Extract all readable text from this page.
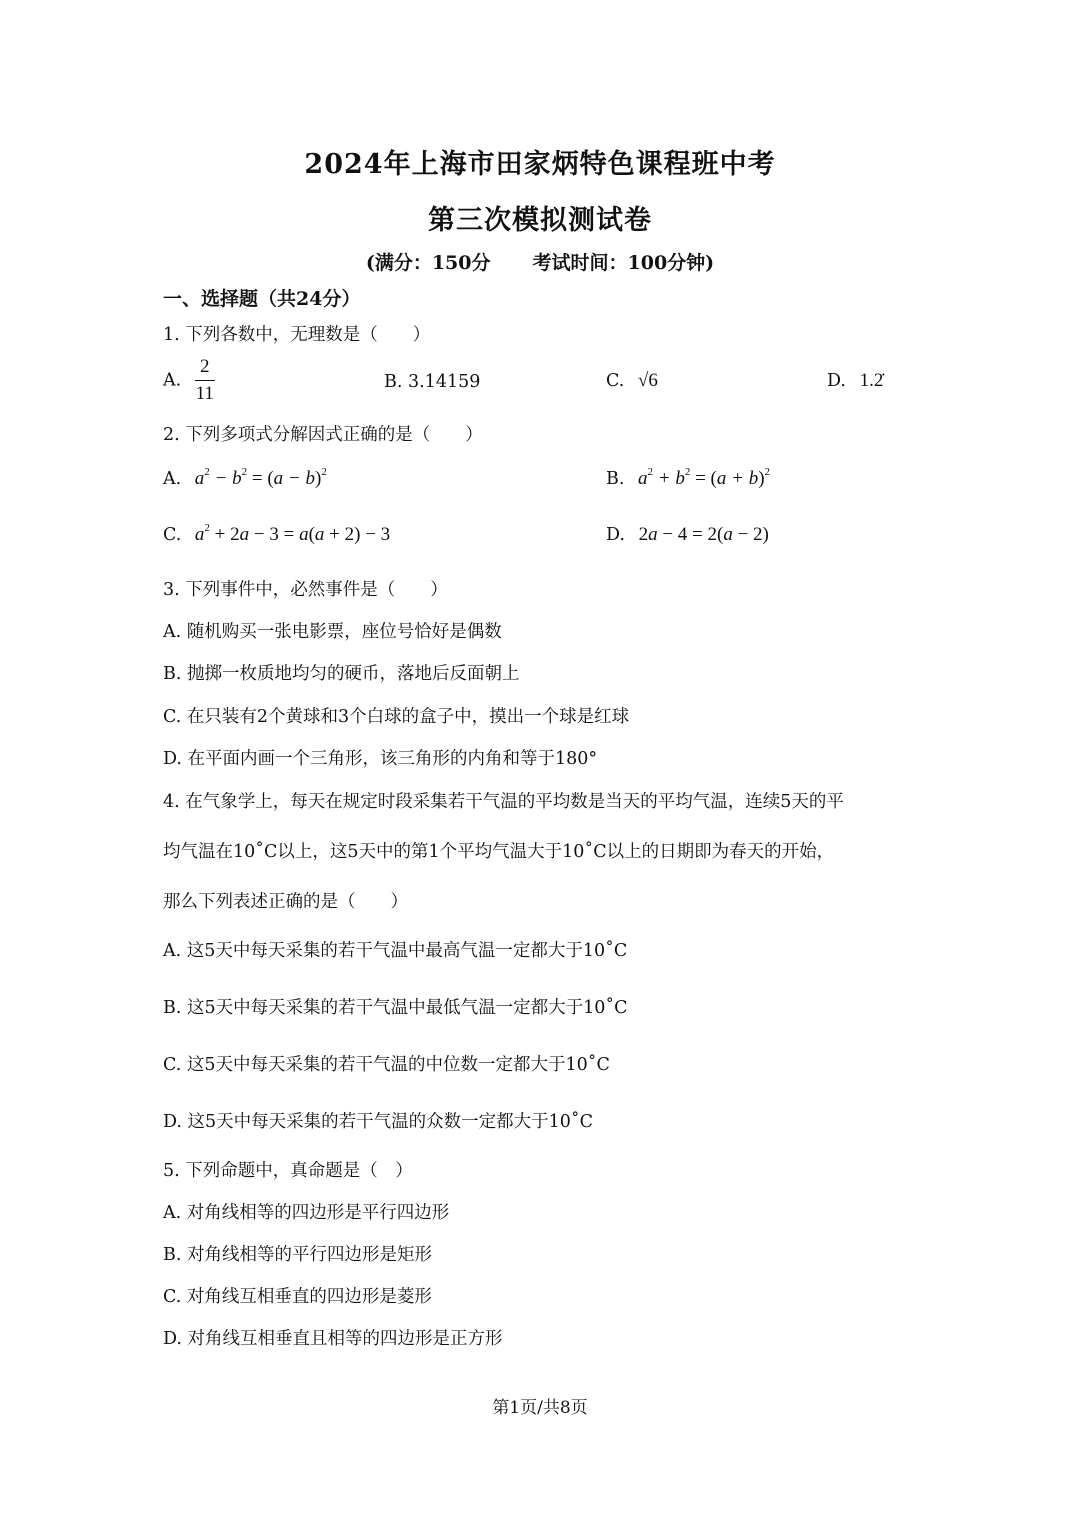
2024年上海市田家炳特色课程班中考
第三次模拟测试卷
(满分：150分 考试时间：100分钟)
一、选择题（共24分）
1. 下列各数中，无理数是（　　）
A. $\frac{2}{11}$	B. 3.14159	C. √6	D. 1.2̇
2. 下列多项式分解因式正确的是（　　）
A. $a^2 - b^2 = (a - b)^2$	B. $a^2 + b^2 = (a + b)^2$
C. $a^2 + 2a - 3 = a(a + 2) - 3$	D. 2a − 4 = 2(a − 2)
3. 下列事件中，必然事件是（　　）
A. 随机购买一张电影票，座位号恰好是偶数
B. 抛掷一枚质地均匀的硬币，落地后反面朝上
C. 在只装有2个黄球和3个白球的盒子中，摸出一个球是红球
D. 在平面内画一个三角形，该三角形的内角和等于180°
4. 在气象学上，每天在规定时段采集若干气温的平均数是当天的平均气温，连续5天的平
均气温在10˚C以上，这5天中的第1个平均气温大于10˚C以上的日期即为春天的开始，
那么下列表述正确的是（　　）
A. 这5天中每天采集的若干气温中最高气温一定都大于10˚C
B. 这5天中每天采集的若干气温中最低气温一定都大于10˚C
C. 这5天中每天采集的若干气温的中位数一定都大于10˚C
D. 这5天中每天采集的若干气温的众数一定都大于10˚C
5. 下列命题中，真命题是（　）
A. 对角线相等的四边形是平行四边形
B. 对角线相等的平行四边形是矩形
C. 对角线互相垂直的四边形是菱形
D. 对角线互相垂直且相等的四边形是正方形
第1页/共8页
